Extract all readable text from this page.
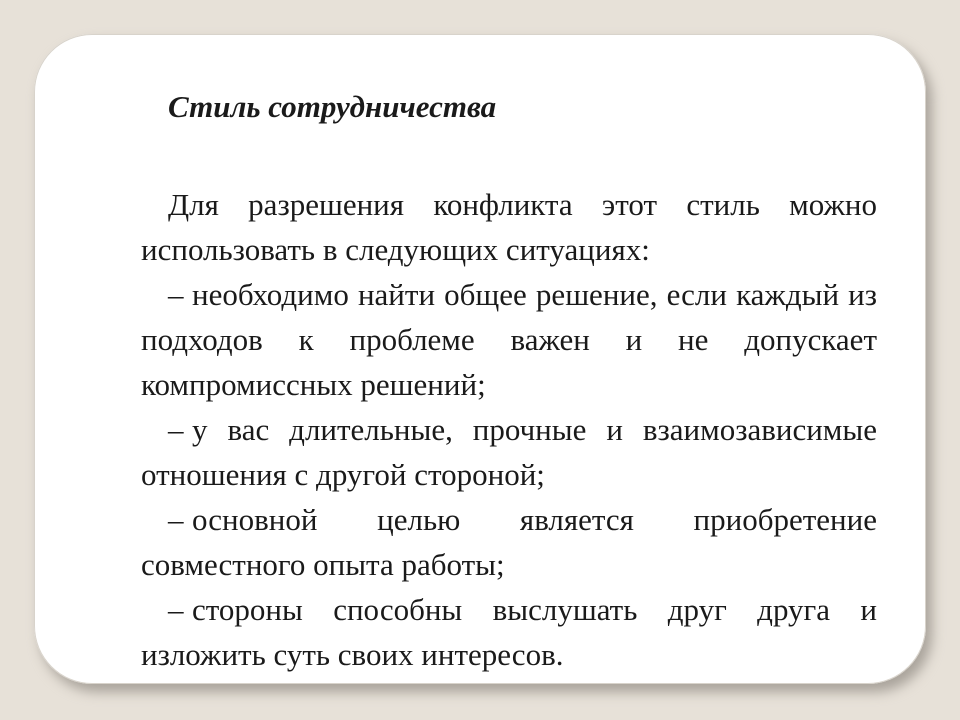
Стиль сотрудничества

Для разрешения конфликта этот стиль можно использовать в следующих ситуациях:

– необходимо найти общее решение, если каждый из подходов к проблеме важен и не допускает компромиссных решений;

– у вас длительные, прочные и взаимозависимые отношения с другой стороной;

– основной целью является приобретение совместного опыта работы;

– стороны способны выслушать друг друга и изложить суть своих интересов.
